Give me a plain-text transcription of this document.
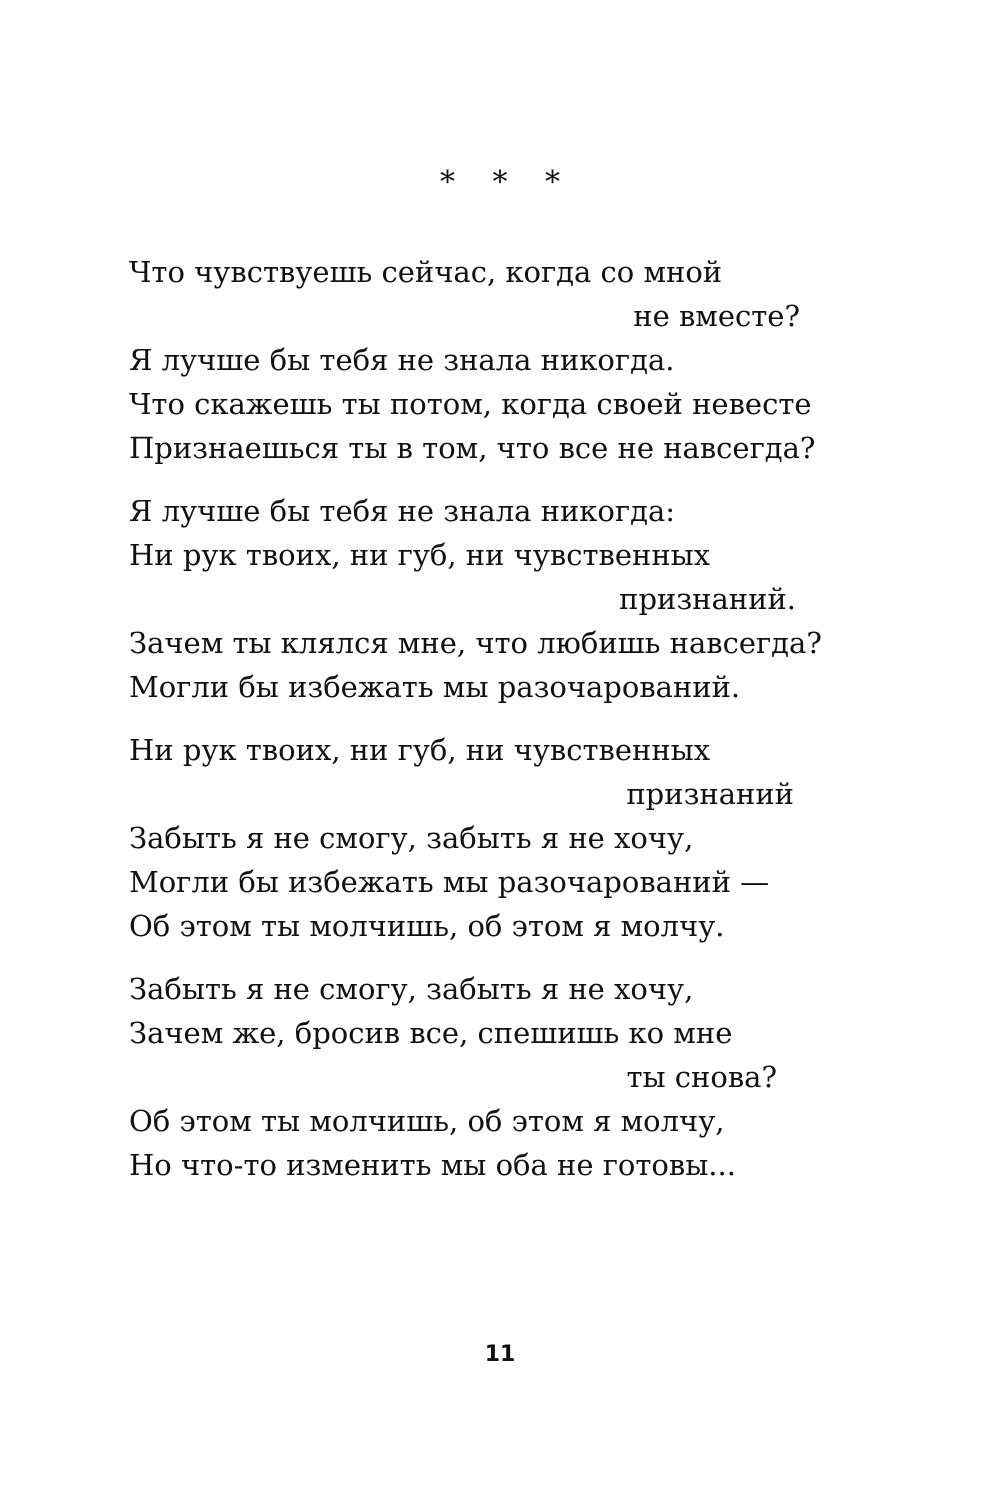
* * *
Что чувствуешь сейчас, когда со мной
не вместе?
Я лучше бы тебя не знала никогда.
Что скажешь ты потом, когда своей невесте
Признаешься ты в том, что все не навсегда?
Я лучше бы тебя не знала никогда:
Ни рук твоих, ни губ, ни чувственных
признаний.
Зачем ты клялся мне, что любишь навсегда?
Могли бы избежать мы разочарований.
Ни рук твоих, ни губ, ни чувственных
признаний
Забыть я не смогу, забыть я не хочу,
Могли бы избежать мы разочарований —
Об этом ты молчишь, об этом я молчу.
Забыть я не смогу, забыть я не хочу,
Зачем же, бросив все, спешишь ко мне
ты снова?
Об этом ты молчишь, об этом я молчу,
Но что-то изменить мы оба не готовы...
11
